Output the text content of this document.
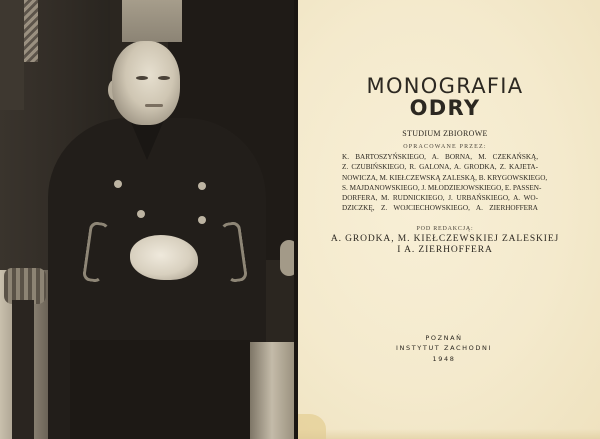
MONOGRAFIA
ODRY

STUDIUM ZBIOROWE

OPRACOWANE PRZEZ:

K. BARTOSZYŃSKIEGO, A. BORNA, M. CZEKAŃSKĄ,
Z. CZUBIŃSKIEGO, R. GALONA, A. GRODKA, Z. KAJETA-
NOWICZA, M. KIEŁCZEWSKĄ ZALESKĄ, B. KRYGOWSKIEGO,
S. MAJDANOWSKIEGO, J. MŁODZIEJOWSKIEGO, E. PASSEN-
DORFERA, M. RUDNICKIEGO, J. URBAŃSKIEGO, A. WO-
DZICZKĘ, Z. WOJCIECHOWSKIEGO, A. ZIERHOFFERA

POD REDAKCJĄ:

A. GRODKA, M. KIEŁCZEWSKIEJ ZALESKIEJ

I A. ZIERHOFFERA

POZNAŃ

INSTYTUT ZACHODNI

1948
